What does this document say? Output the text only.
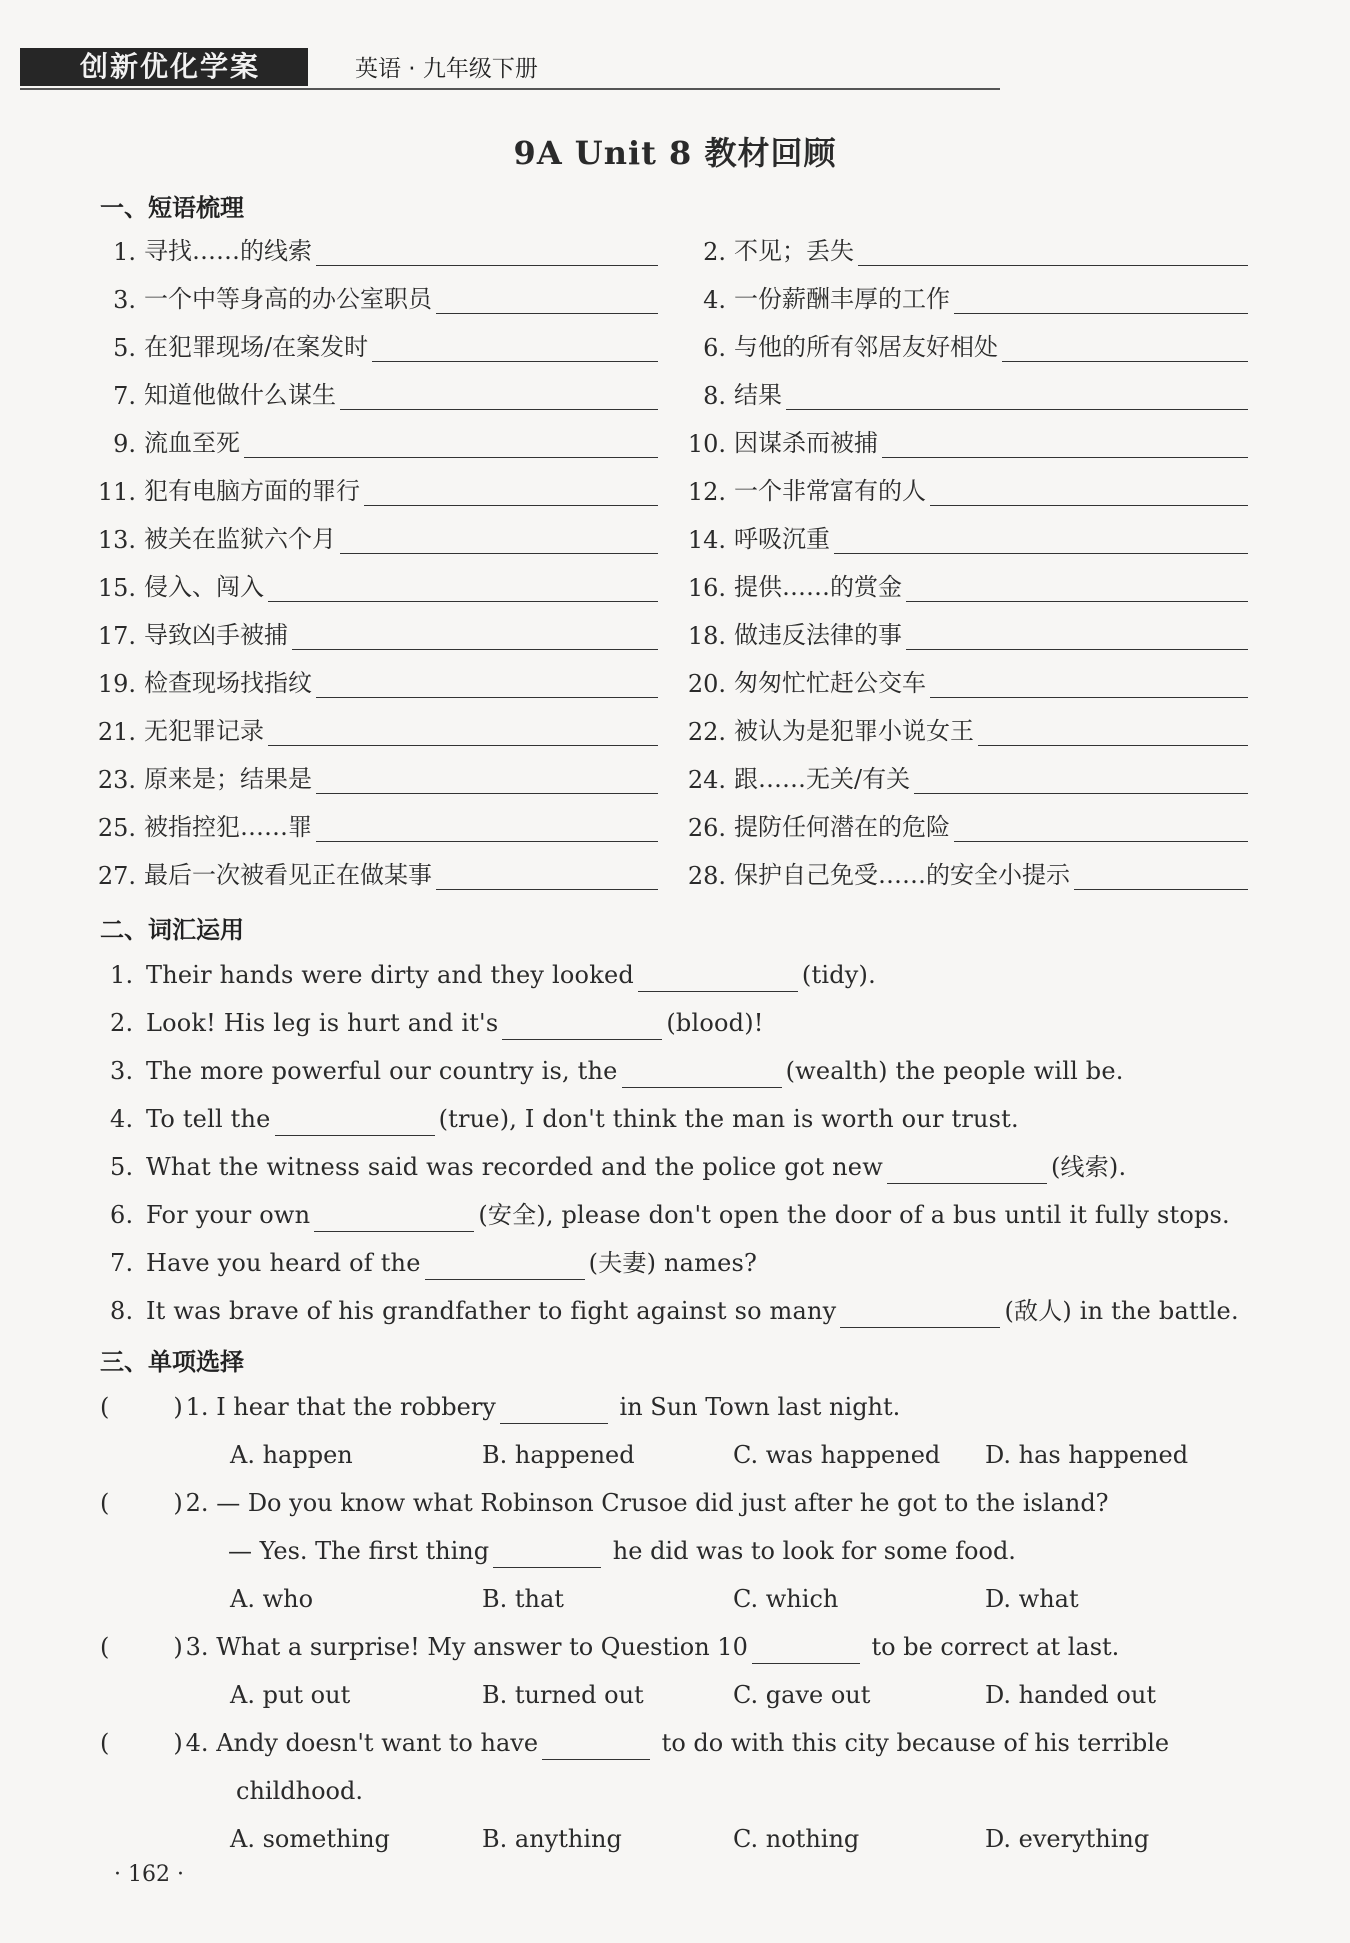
创新优化学案	英语 · 九年级下册
9A Unit 8 教材回顾
一、短语梳理
1. 寻找……的线索	2. 不见；丢失
3. 一个中等身高的办公室职员	4. 一份薪酬丰厚的工作
5. 在犯罪现场/在案发时	6. 与他的所有邻居友好相处
7. 知道他做什么谋生	8. 结果
9. 流血至死	10. 因谋杀而被捕
11. 犯有电脑方面的罪行	12. 一个非常富有的人
13. 被关在监狱六个月	14. 呼吸沉重
15. 侵入、闯入	16. 提供……的赏金
17. 导致凶手被捕	18. 做违反法律的事
19. 检查现场找指纹	20. 匆匆忙忙赶公交车
21. 无犯罪记录	22. 被认为是犯罪小说女王
23. 原来是；结果是	24. 跟……无关/有关
25. 被指控犯……罪	26. 提防任何潜在的危险
27. 最后一次被看见正在做某事	28. 保护自己免受……的安全小提示
二、词汇运用
1. Their hands were dirty and they looked	(tidy).
2. Look! His leg is hurt and it's	(blood)!
3. The more powerful our country is, the	(wealth) the people will be.
4. To tell the	(true), I don't think the man is worth our trust.
5. What the witness said was recorded and the police got new	(线索).
6. For your own	(安全), please don't open the door of a bus until it fully stops.
7. Have you heard of the	(夫妻) names?
8. It was brave of his grandfather to fight against so many	(敌人) in the battle.
三、单项选择
(	) 1. I hear that the robbery	in Sun Town last night.
A. happen	B. happened	C. was happened D. has happened
(	) 2. — Do you know what Robinson Crusoe did just after he got to the island?
— Yes. The first thing	he did was to look for some food.
A. who	B. that	C. which	D. what
(	) 3. What a surprise! My answer to Question 10	to be correct at last.
A. put out	B. turned out	C. gave out	D. handed out
(	) 4. Andy doesn't want to have	to do with this city because of his terrible
childhood.
A. something	B. anything	C. nothing	D. everything
· 162 ·
